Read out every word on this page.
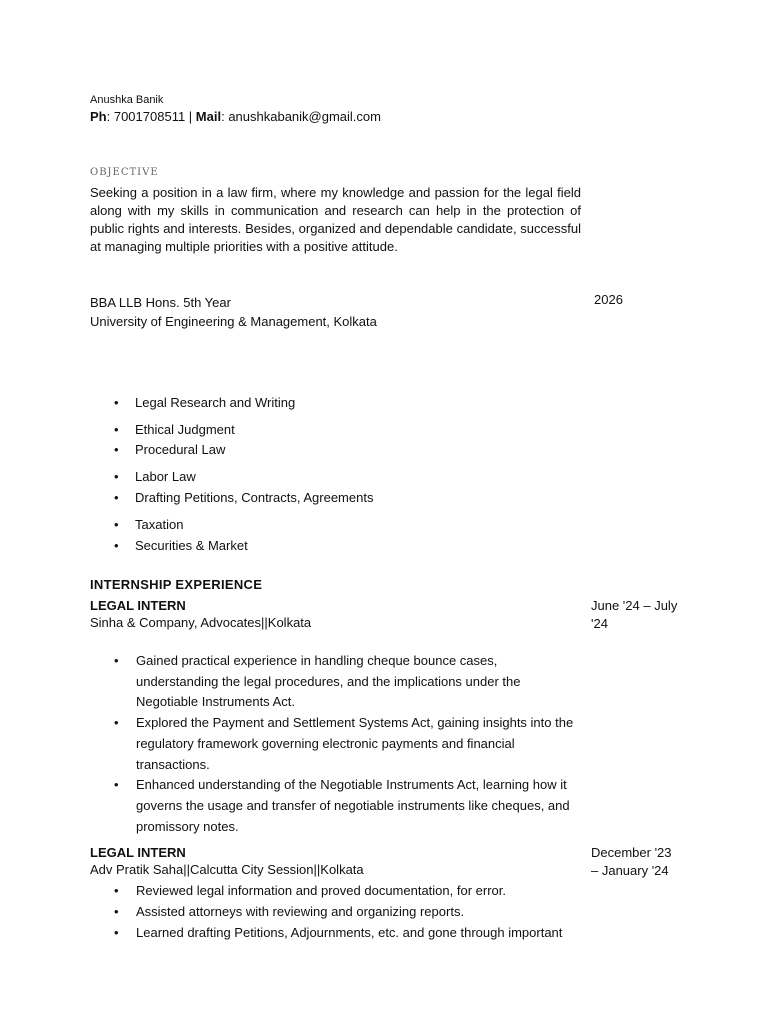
Anushka Banik
Ph: 7001708511 | Mail: anushkabanik@gmail.com
OBJECTIVE
Seeking a position in a law firm, where my knowledge and passion for the legal field along with my skills in communication and research can help in the protection of public rights and interests. Besides, organized and dependable candidate, successful at managing multiple priorities with a positive attitude.
BBA LLB Hons. 5th Year	2026
University of Engineering & Management, Kolkata
•	Legal Research and Writing
•	Ethical Judgment
•	Procedural Law
•	Labor Law
•	Drafting Petitions, Contracts, Agreements
•	Taxation
•	Securities & Market
INTERNSHIP EXPERIENCE
LEGAL INTERN
Sinha & Company, Advocates||Kolkata
June '24 – July '24
•	Gained practical experience in handling cheque bounce cases, understanding the legal procedures, and the implications under the Negotiable Instruments Act.
•	Explored the Payment and Settlement Systems Act, gaining insights into the regulatory framework governing electronic payments and financial transactions.
•	Enhanced understanding of the Negotiable Instruments Act, learning how it governs the usage and transfer of negotiable instruments like cheques, and promissory notes.
LEGAL INTERN
Adv Pratik Saha||Calcutta City Session||Kolkata
December '23 – January '24
•	Reviewed legal information and proved documentation, for error.
•	Assisted attorneys with reviewing and organizing reports.
•	Learned drafting Petitions, Adjournments, etc. and gone through important
